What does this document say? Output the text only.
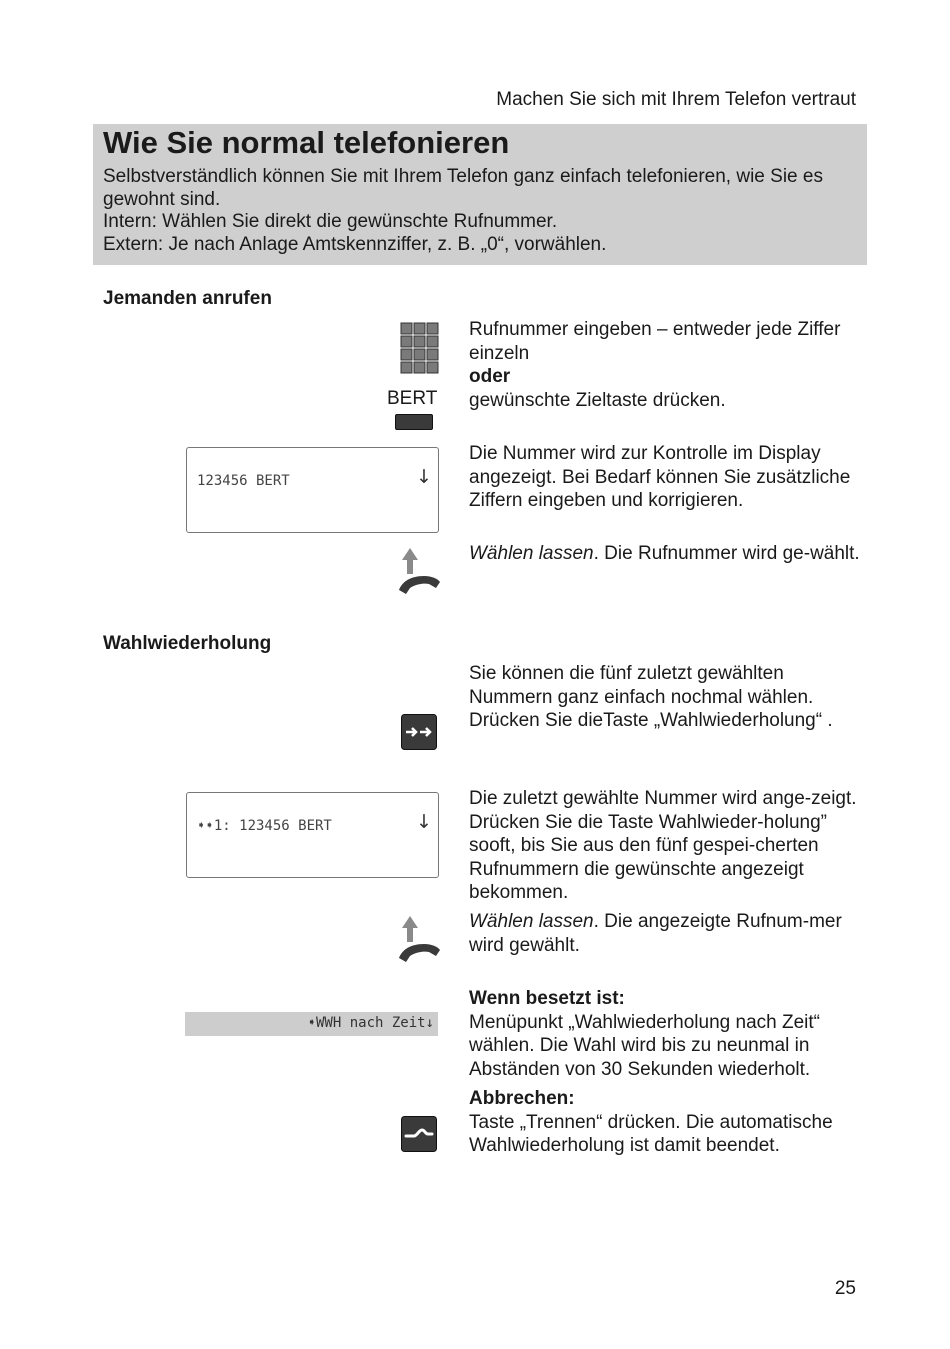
Machen Sie sich mit Ihrem Telefon vertraut
Wie Sie normal telefonieren
Selbstverständlich können Sie mit Ihrem Telefon ganz einfach telefonieren, wie Sie es gewohnt sind.
Intern: Wählen Sie direkt die gewünschte Rufnummer.
Extern: Je nach Anlage Amtskennziffer, z. B. „0“, vorwählen.
Jemanden anrufen
BERT
Rufnummer eingeben – entweder jede Ziffer einzeln
oder
gewünschte Zieltaste drücken.
123456 BERT	↓
Die Nummer wird zur Kontrolle im Display angezeigt. Bei Bedarf können Sie zusätzliche Ziffern eingeben und korrigieren.
Wählen lassen. Die Rufnummer wird ge-wählt.
Wahlwiederholung
Sie können die fünf zuletzt gewählten Nummern ganz einfach nochmal wählen. Drücken Sie dieTaste „Wahlwiederholung“ .
➧➧1: 123456 BERT	↓
Die zuletzt gewählte Nummer wird ange-zeigt. Drücken Sie die Taste Wahlwieder-holung” sooft, bis Sie aus den fünf gespei-cherten Rufnummern die gewünschte angezeigt bekommen.
Wählen lassen. Die angezeigte Rufnum-mer wird gewählt.
Wenn besetzt ist:
Menüpunkt „Wahlwiederholung nach Zeit“ wählen. Die Wahl wird bis zu neunmal in Abständen von 30 Sekunden wiederholt.
➧WWH nach Zeit↓
Abbrechen:
Taste „Trennen“ drücken. Die automatische Wahlwiederholung ist damit beendet.
25
